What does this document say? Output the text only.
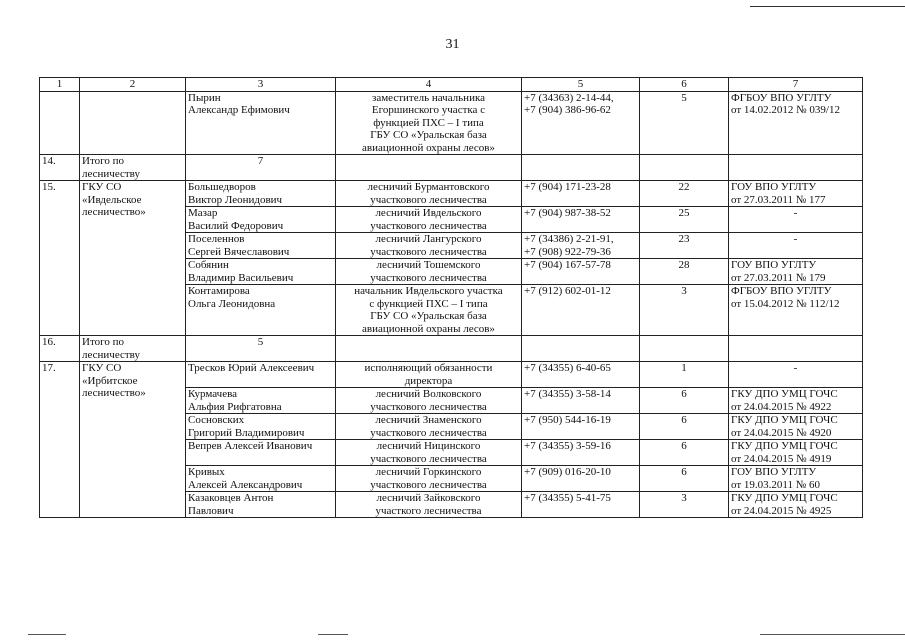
31
1	2	3	4	5	6	7

		Пырин
Александр Ефимович	заместитель начальника
Егоршинского участка с
функцией ПХС – I типа
ГБУ СО «Уральская база
авиационной охраны лесов»	+7 (34363) 2-14-44,
+7 (904) 386-96-62	5	ФГБОУ ВПО УГЛТУ
от 14.02.2012 № 039/12

14.	Итого по
лесничеству	7				
15.	ГКУ СО
«Ивдельское
лесничество»	Большедворов
Виктор Леонидович	лесничий Бурмантовского
участкового лесничества	+7 (904) 171-23-28	22	ГОУ ВПО УГЛТУ
от 27.03.2011 № 177

		Мазар
Василий Федорович	лесничий Ивдельского
участкового лесничества	+7 (904) 987-38-52	25	-

		Поселеннов
Сергей Вячеславович	лесничий Лангурского
участкового лесничества	+7 (34386) 2-21-91,
+7 (908) 922-79-36	23	-

		Собянин
Владимир Васильевич	лесничий Тошемского
участкового лесничества	+7 (904) 167-57-78	28	ГОУ ВПО УГЛТУ
от 27.03.2011 № 179

		Контамирова
Ольга Леонидовна	начальник Ивдельского участка
с функцией ПХС – I типа
ГБУ СО «Уральская база
авиационной охраны лесов»	+7 (912) 602-01-12	3	ФГБОУ ВПО УГЛТУ
от 15.04.2012 № 112/12

16.	Итого по
лесничеству	5				
17.	ГКУ СО
«Ирбитское
лесничество»	Тресков Юрий Алексеевич	исполняющий обязанности
директора	+7 (34355) 6-40-65	1	-

		Курмачева
Альфия Рифгатовна	лесничий Волковского
участкового лесничества	+7 (34355) 3-58-14	6	ГКУ ДПО УМЦ ГОЧС
от 24.04.2015 № 4922

		Сосновских
Григорий Владимирович	лесничий Знаменского
участкового лесничества	+7 (950) 544-16-19	6	ГКУ ДПО УМЦ ГОЧС
от 24.04.2015 № 4920

		Вепрев Алексей Иванович	лесничий Ницинского
участкового лесничества	+7 (34355) 3-59-16	6	ГКУ ДПО УМЦ ГОЧС
от 24.04.2015 № 4919

		Кривых
Алексей Александрович	лесничий Горкинского
участкового лесничества	+7 (909) 016-20-10	6	ГОУ ВПО УГЛТУ
от 19.03.2011 № 60

		Казаковцев Антон
Павлович	лесничий Зайковского
участкого лесничества	+7 (34355) 5-41-75	3	ГКУ ДПО УМЦ ГОЧС
от 24.04.2015 № 4925
